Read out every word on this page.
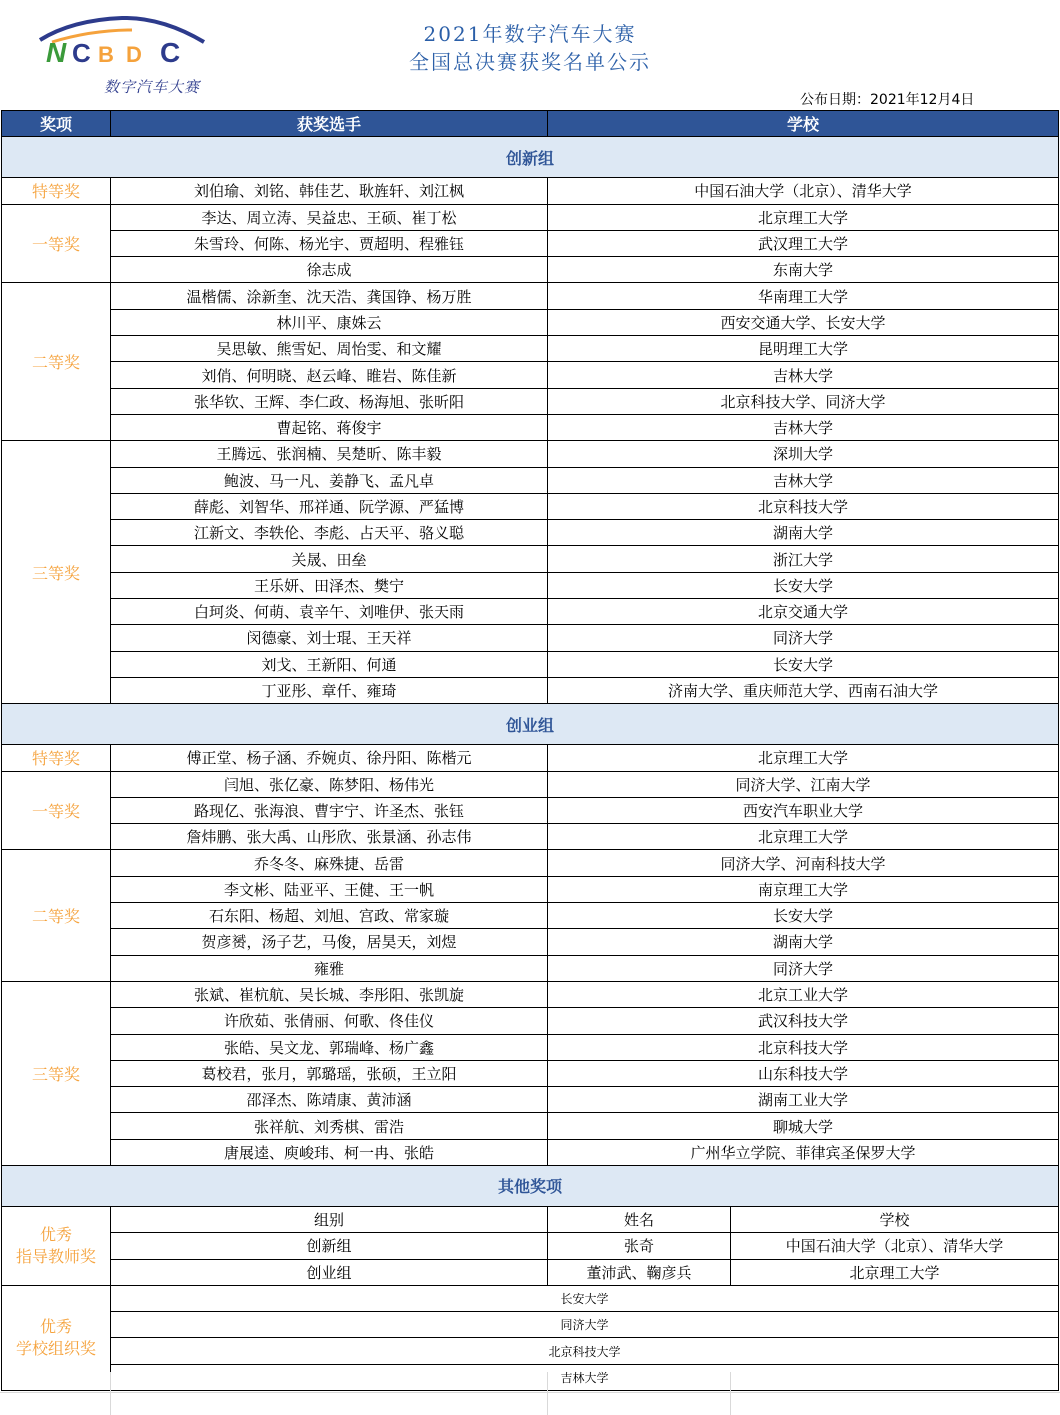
N C B D C
数字汽车大赛
2021年数字汽车大赛
全国总决赛获奖名单公示
公布日期：2021年12月4日
奖项	获奖选手	学校	
创新组			
特等奖	刘伯瑜、刘铭、韩佳艺、耿旌轩、刘江枫	中国石油大学（北京）、清华大学	
一等奖	李达、周立涛、吴益忠、王硕、崔丁松	北京理工大学	
	朱雪玲、何陈、杨光宇、贾超明、程雅钰	武汉理工大学	
	徐志成	东南大学	
二等奖	温楷儒、涂新奎、沈天浩、龚国铮、杨万胜	华南理工大学	
	林川平、康姝云	西安交通大学、长安大学	
	吴思敏、熊雪妃、周怡雯、和文耀	昆明理工大学	
	刘俏、何明晓、赵云峰、睢岩、陈佳新	吉林大学	
	张华钦、王辉、李仁政、杨海旭、张昕阳	北京科技大学、同济大学	
	曹起铭、蒋俊宇	吉林大学	
三等奖	王腾远、张润楠、吴楚昕、陈丰毅	深圳大学	
	鲍波、马一凡、姜静飞、孟凡卓	吉林大学	
	薛彪、刘智华、邢祥通、阮学源、严猛博	北京科技大学	
	江新文、李轶伦、李彪、占天平、骆义聪	湖南大学	
	关晟、田垒	浙江大学	
	王乐妍、田泽杰、樊宁	长安大学	
	白珂炎、何萌、袁辛午、刘唯伊、张天雨	北京交通大学	
	闵德豪、刘士琨、王天祥	同济大学	
	刘戈、王新阳、何通	长安大学	
	丁亚彤、章仟、雍琦	济南大学、重庆师范大学、西南石油大学	
创业组			
特等奖	傅正堂、杨子涵、乔婉贞、徐丹阳、陈楷元	北京理工大学	
一等奖	闫旭、张亿豪、陈梦阳、杨伟光	同济大学、江南大学	
	路现亿、张海浪、曹宇宁、许圣杰、张钰	西安汽车职业大学	
	詹炜鹏、张大禹、山彤欣、张景涵、孙志伟	北京理工大学	
二等奖	乔冬冬、麻殊捷、岳雷	同济大学、河南科技大学	
	李文彬、陆亚平、王健、王一帆	南京理工大学	
	石东阳、杨超、刘旭、宫政、常家璇	长安大学	
	贺彦赟，汤子艺，马俊，居昊天，刘煜	湖南大学	
	雍雅	同济大学	
三等奖	张斌、崔杭航、吴长城、李彤阳、张凯旋	北京工业大学	
	许欣茹、张倩丽、何歌、佟佳仪	武汉科技大学	
	张皓、吴文龙、郭瑞峰、杨广鑫	北京科技大学	
	葛校君，张月，郭璐瑶，张硕，王立阳	山东科技大学	
	邵泽杰、陈靖康、黄沛涵	湖南工业大学	
	张祥航、刘秀棋、雷浩	聊城大学	
	唐展逵、庾峻玮、柯一冉、张皓	广州华立学院、菲律宾圣保罗大学	
其他奖项			

优秀
指导教师奖	组别	姓名	学校
	创新组	张奇	中国石油大学（北京）、清华大学
	创业组	董沛武、鞠彦兵	北京理工大学

优秀
学校组织奖	长安大学		
	同济大学		
	北京科技大学		
	吉林大学		
